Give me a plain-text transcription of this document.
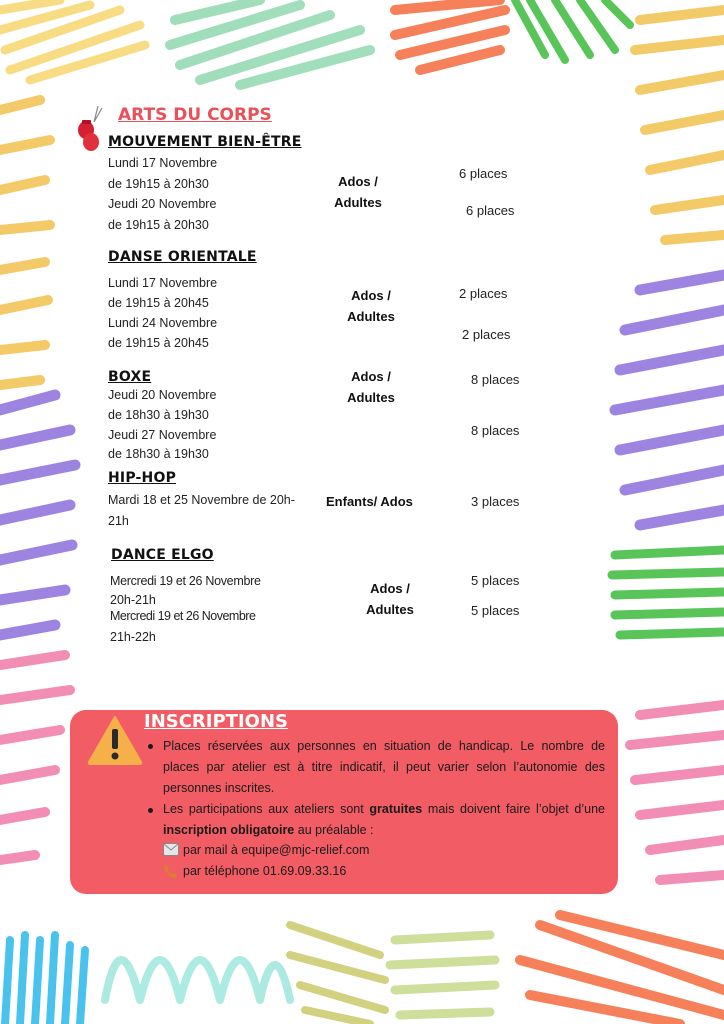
ARTS DU CORPS
MOUVEMENT BIEN-ÊTRE
Lundi 17 Novembre
de 19h15 à 20h30
Jeudi 20 Novembre
de 19h15 à 20h30
Ados /
Adultes
6 places
6 places
DANSE ORIENTALE
Lundi 17 Novembre
de 19h15 à 20h45
Lundi 24 Novembre
de 19h15 à 20h45
Ados /
Adultes
2 places
2 places
BOXE
Jeudi 20 Novembre
de 18h30 à 19h30
Jeudi 27 Novembre
de 18h30 à 19h30
Ados /
Adultes
8 places
8 places
HIP-HOP
Mardi 18 et 25 Novembre de 20h-
21h
Enfants/ Ados	3 places
DANCE ELGO
Mercredi 19 et 26 Novembre
20h-21h
Mercredi 19 et 26 Novembre
21h-22h
Ados /
Adultes
5 places
5 places
INSCRIPTIONS
Places réservées aux personnes en situation de handicap. Le nombre de
places par atelier est à titre indicatif, il peut varier selon l’autonomie des
personnes inscrites.
Les participations aux ateliers sont gratuites mais doivent faire l’objet d’une
inscription obligatoire au préalable :
par mail à equipe@mjc-relief.com
par téléphone 01.69.09.33.16
